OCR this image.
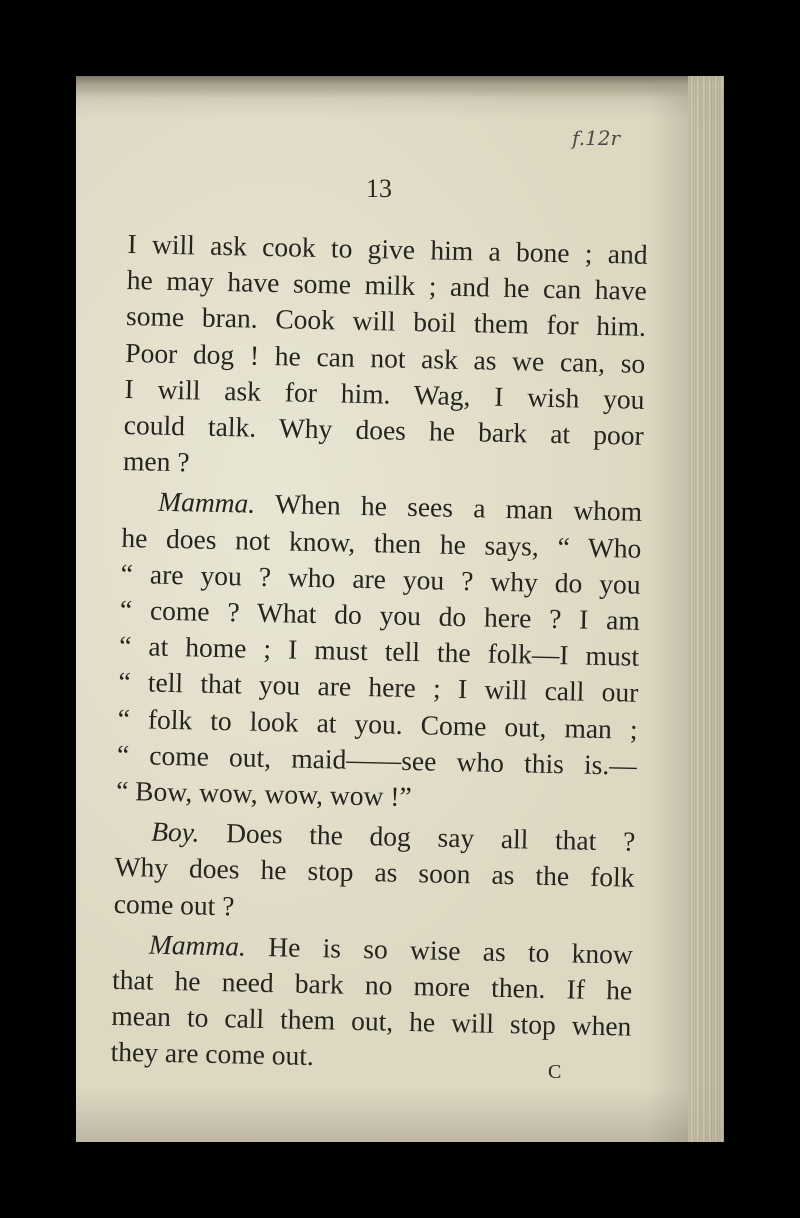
f.12r
13
I will ask cook to give him a bone ; and
he may have some milk ; and he can have
some bran. Cook will boil them for him.
Poor dog ! he can not ask as we can, so
I will ask for him. Wag, I wish you
could talk. Why does he bark at poor
men ?
Mamma. When he sees a man whom
he does not know, then he says, “ Who
“ are you ? who are you ? why do you
“ come ? What do you do here ? I am
“ at home ; I must tell the folk—I must
“ tell that you are here ; I will call our
“ folk to look at you. Come out, man ;
“ come out, maid——see who this is.—
“ Bow, wow, wow, wow !”
Boy. Does the dog say all that ?
Why does he stop as soon as the folk
come out ?
Mamma. He is so wise as to know
that he need bark no more then. If he
mean to call them out, he will stop when
they are come out.
C
